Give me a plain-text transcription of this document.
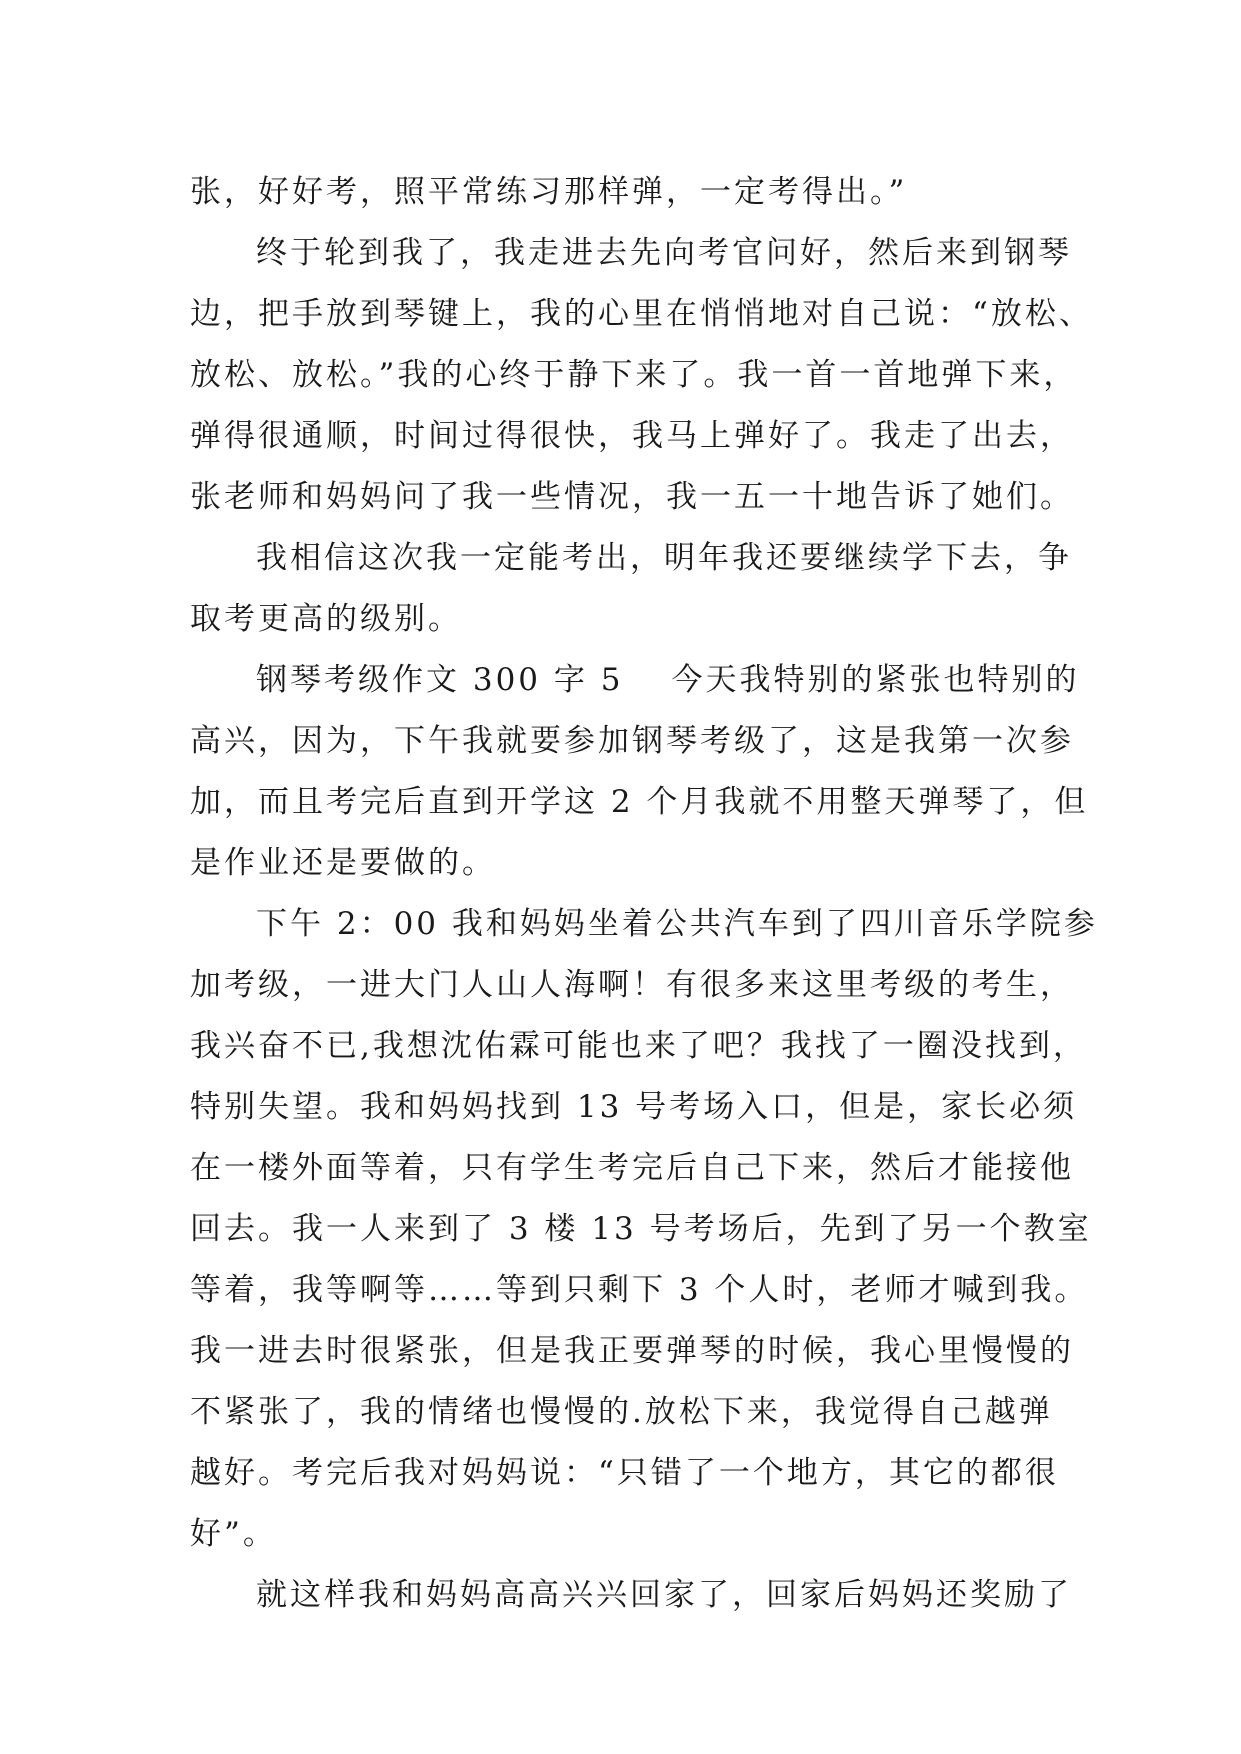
张，好好考，照平常练习那样弹，一定考得出。”
终于轮到我了，我走进去先向考官问好，然后来到钢琴
边，把手放到琴键上，我的心里在悄悄地对自己说：“放松、
放松、放松。”我的心终于静下来了。我一首一首地弹下来，
弹得很通顺，时间过得很快，我马上弹好了。我走了出去，
张老师和妈妈问了我一些情况，我一五一十地告诉了她们。
我相信这次我一定能考出，明年我还要继续学下去，争
取考更高的级别。
钢琴考级作文 300 字 5 今天我特别的紧张也特别的
高兴，因为，下午我就要参加钢琴考级了，这是我第一次参
加，而且考完后直到开学这 2 个月我就不用整天弹琴了，但
是作业还是要做的。
下午 2：00 我和妈妈坐着公共汽车到了四川音乐学院参
加考级，一进大门人山人海啊！有很多来这里考级的考生，
我兴奋不已,我想沈佑霖可能也来了吧？我找了一圈没找到，
特别失望。我和妈妈找到 13 号考场入口，但是，家长必须
在一楼外面等着，只有学生考完后自己下来，然后才能接他
回去。我一人来到了 3 楼 13 号考场后，先到了另一个教室
等着，我等啊等……等到只剩下 3 个人时，老师才喊到我。
我一进去时很紧张，但是我正要弹琴的时候，我心里慢慢的
不紧张了，我的情绪也慢慢的.放松下来，我觉得自己越弹
越好。考完后我对妈妈说：“只错了一个地方，其它的都很
好”。
就这样我和妈妈高高兴兴回家了，回家后妈妈还奖励了
